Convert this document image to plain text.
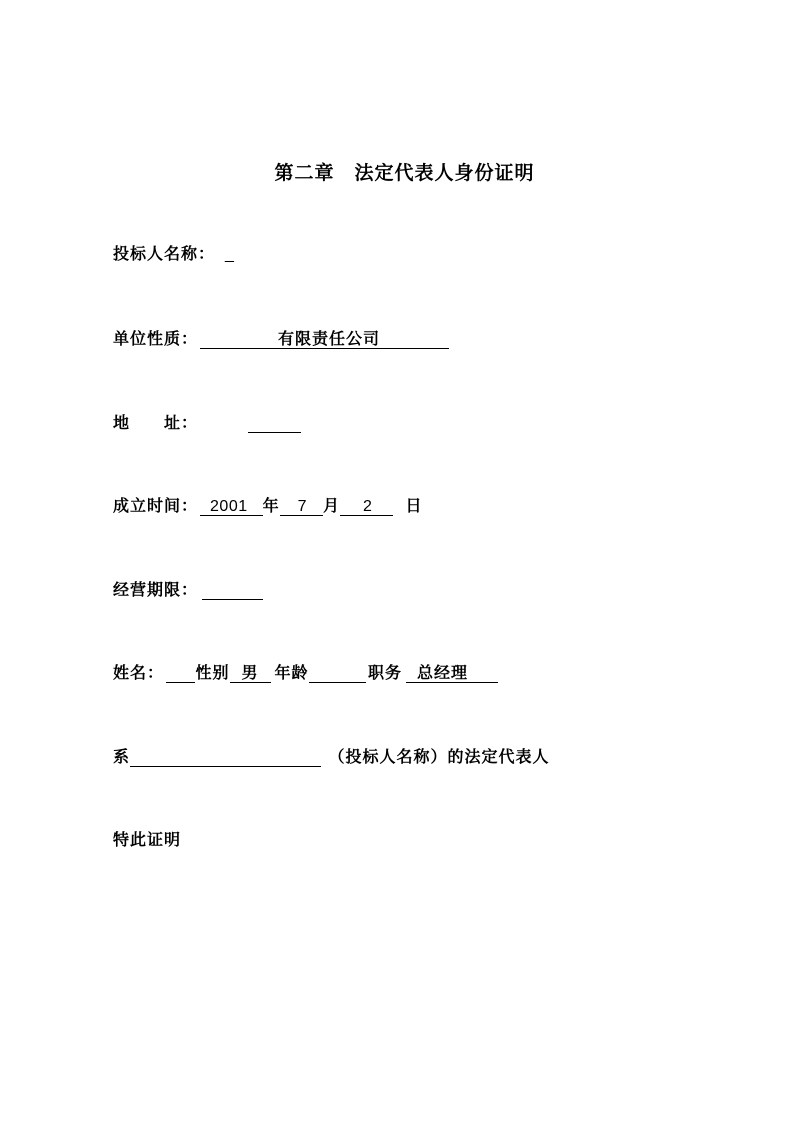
第二章　法定代表人身份证明
投标人名称： _
单位性质：	有限责任公司
地　　址：
成立时间： 2001 年 7 月 2 日
经营期限：
姓名： 性别 男 年龄	职务 总经理
系	（投标人名称）的法定代表人
特此证明
